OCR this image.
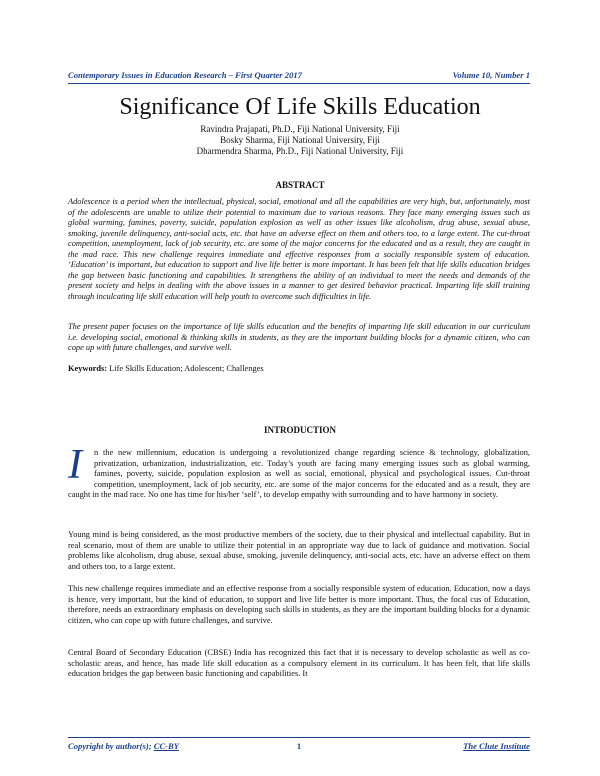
Contemporary Issues in Education Research – First Quarter 2017	Volume 10, Number 1
Significance Of Life Skills Education
Ravindra Prajapati, Ph.D., Fiji National University, Fiji
Bosky Sharma, Fiji National University, Fiji
Dharmendra Sharma, Ph.D., Fiji National University, Fiji
ABSTRACT

Adolescence is a period when the intellectual, physical, social, emotional and all the capabilities are very high, but, unfortunately, most of the adolescents are unable to utilize their potential to maximum due to various reasons. They face many emerging issues such as global warming, famines, poverty, suicide, population explosion as well as other issues like alcoholism, drug abuse, sexual abuse, smoking, juvenile delinquency, anti-social acts, etc. that have an adverse effect on them and others too, to a large extent. The cut-throat competition, unemployment, lack of job security, etc. are some of the major concerns for the educated and as a result, they are caught in the mad race. This new challenge requires immediate and effective responses from a socially responsible system of education. ‘Education’ is important, but education to support and live life better is more important. It has been felt that life skills education bridges the gap between basic functioning and capabilities. It strengthens the ability of an individual to meet the needs and demands of the present society and helps in dealing with the above issues in a manner to get desired behavior practical. Imparting life skill training through inculcating life skill education will help youth to overcome such difficulties in life.

The present paper focuses on the importance of life skills education and the benefits of imparting life skill education in our curriculum i.e. developing social, emotional & thinking skills in students, as they are the important building blocks for a dynamic citizen, who can cope up with future challenges, and survive well.

Keywords: Life Skills Education; Adolescent; Challenges
INTRODUCTION

I	n the new millennium, education is undergoing a revolutionized change regarding science & technology, globalization, privatization, urbanization, industrialization, etc. Today’s youth are facing many emerging issues such as global warming, famines, poverty, suicide, population explosion as well as social, emotional, physical and psychological issues. Cut-throat competition, unemployment, lack of job security, etc. are some of the major concerns for the educated and as a result, they are caught in the mad race. No one has time for his/her ‘self’, to develop empathy with surrounding and to have harmony in society.

Young mind is being considered, as the most productive members of the society, due to their physical and intellectual capability. But in real scenario, most of them are unable to utilize their potential in an appropriate way due to lack of guidance and motivation. Social problems like alcoholism, drug abuse, sexual abuse, smoking, juvenile delinquency, anti-social acts, etc. have an adverse effect on them and others too, to a large extent.

This new challenge requires immediate and an effective response from a socially responsible system of education. Education, now a days is hence, very important, but the kind of education, to support and live life better is more important. Thus, the focal cus of Education, therefore, needs an extraordinary emphasis on developing such skills in students, as they are the important building blocks for a dynamic citizen, who can cope up with future challenges, and survive.

Central Board of Secondary Education (CBSE) India has recognized this fact that it is necessary to develop scholastic as well as co-scholastic areas, and hence, has made life skill education as a compulsory element in its curriculum. It has been felt, that life skills education bridges the gap between basic functioning and capabilities. It

Copyright by author(s); CC-BY	1	The Clute Institute
